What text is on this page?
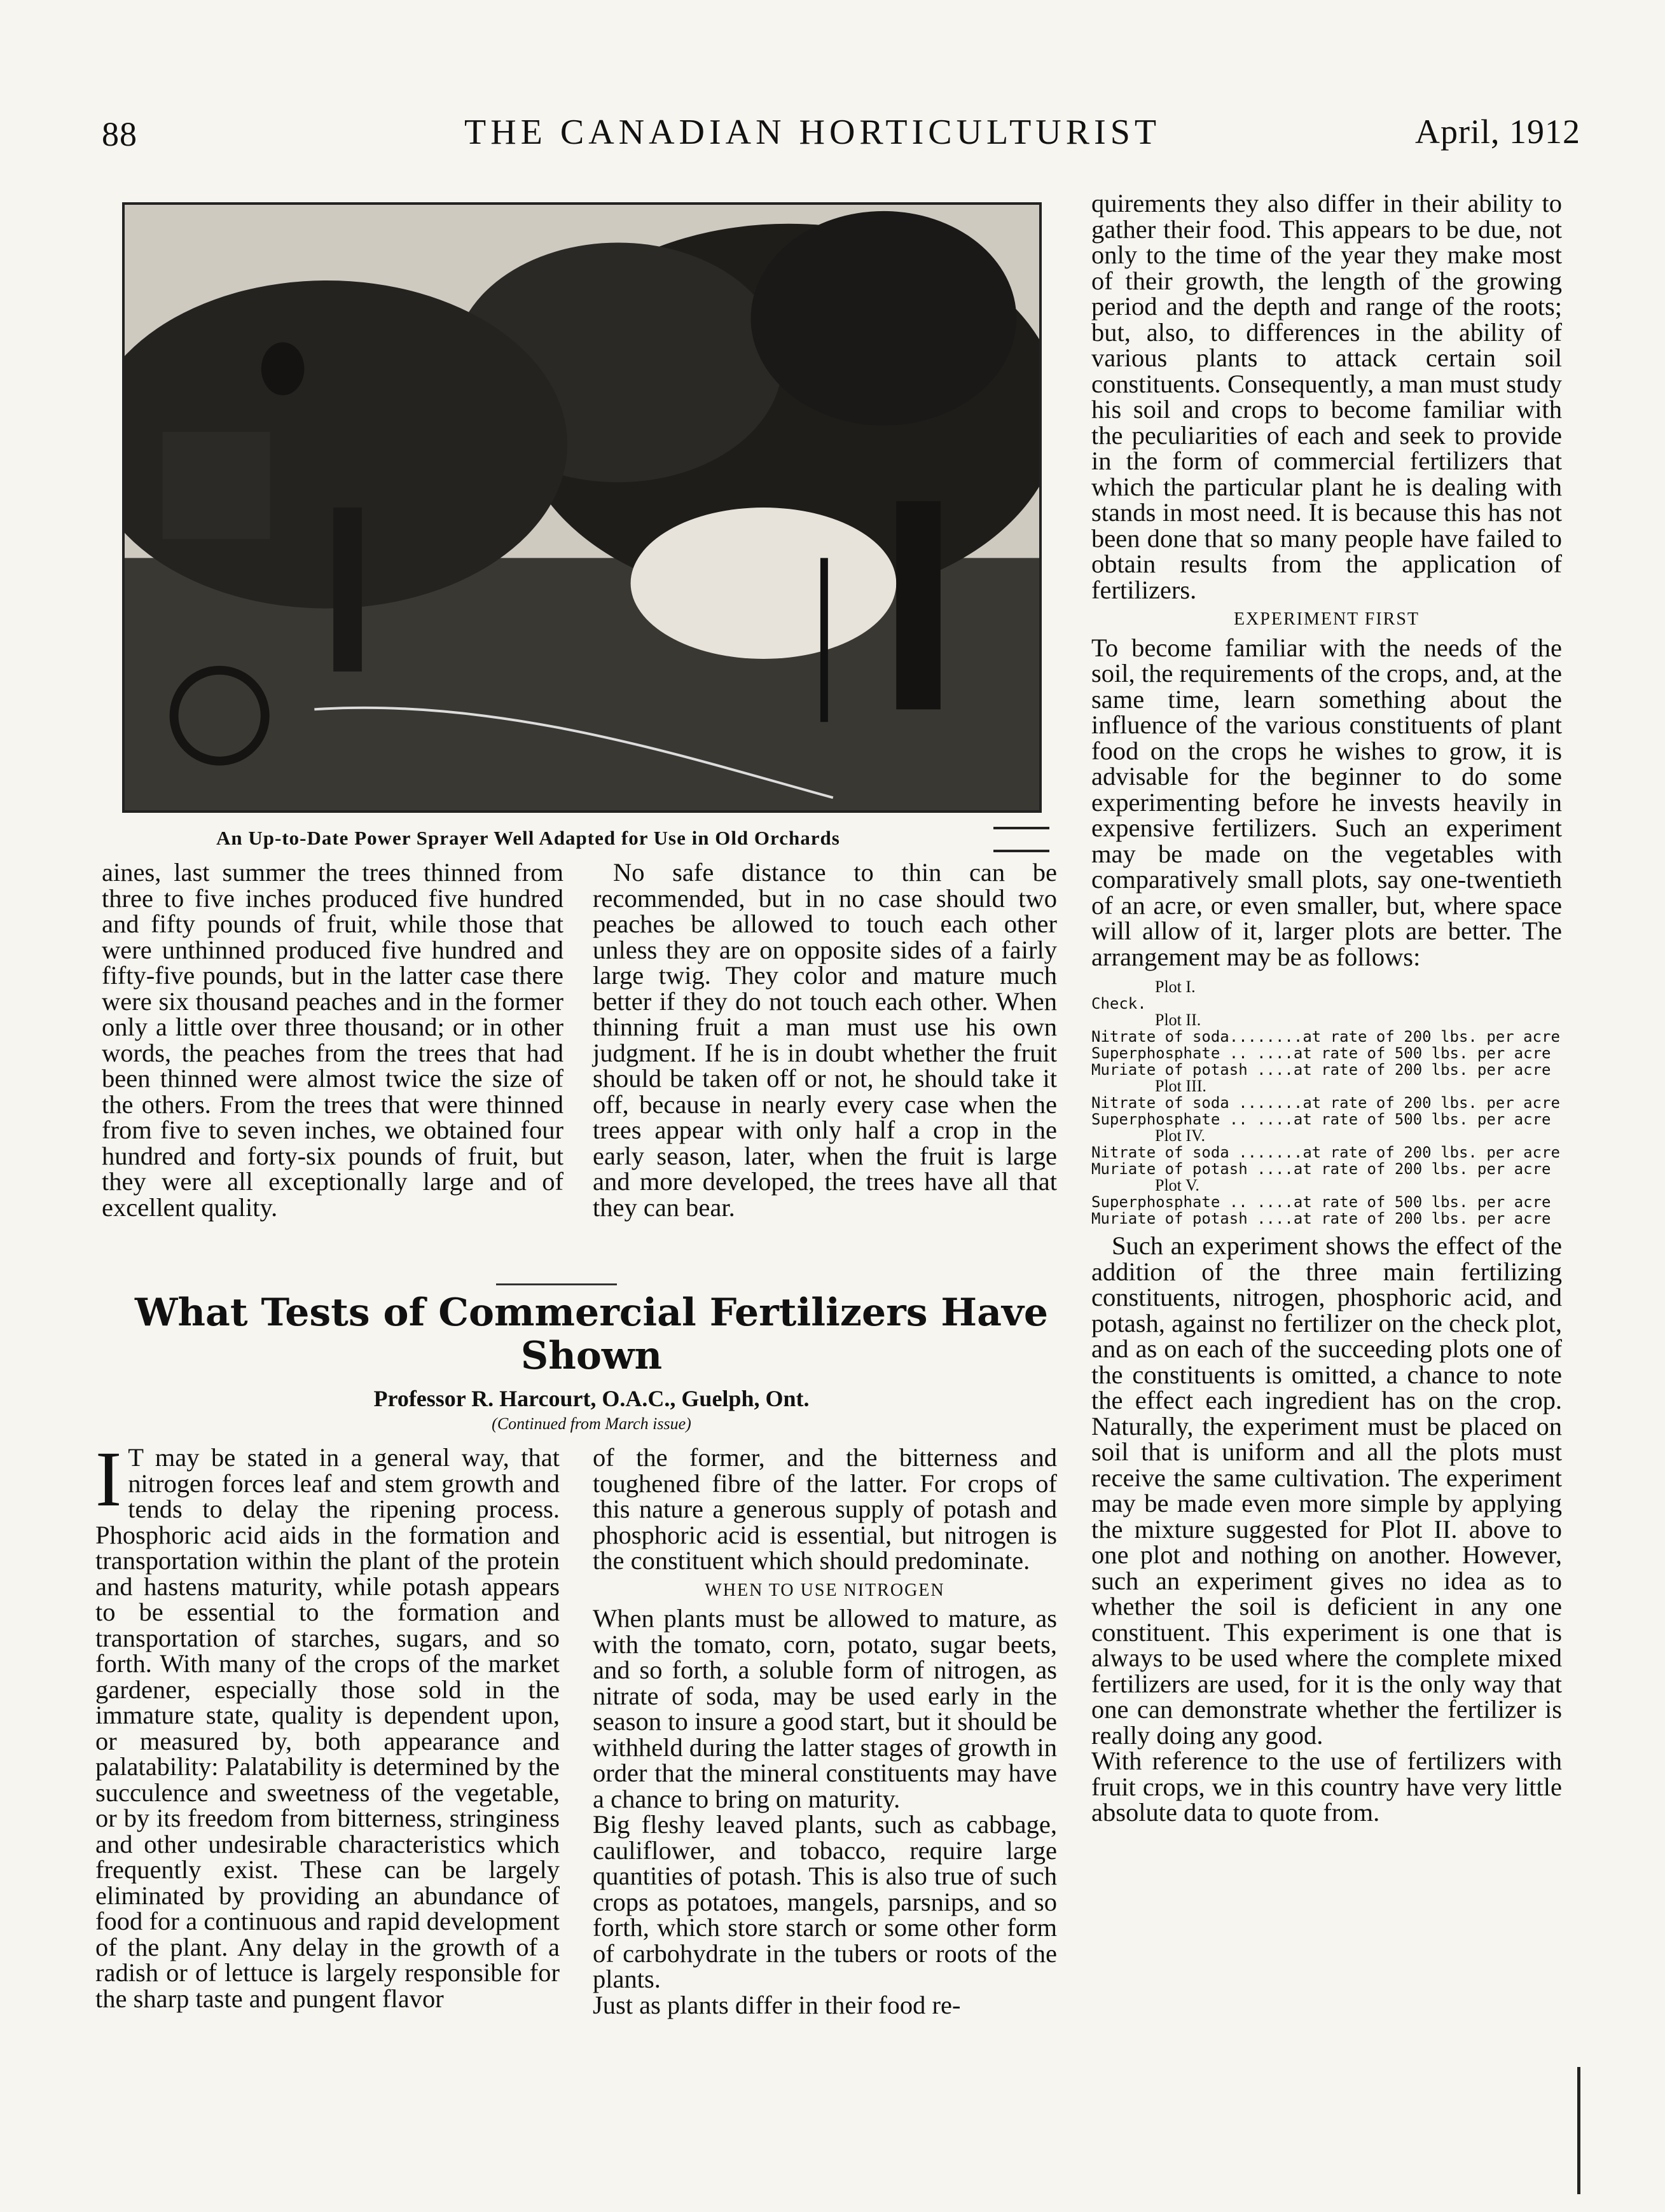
88	THE CANADIAN HORTICULTURIST	April, 1912
An Up-to-Date Power Sprayer Well Adapted for Use in Old Orchards

aines, last summer the trees thinned from three to five inches produced five hundred and fifty pounds of fruit, while those that were unthinned produced five hundred and fifty-five pounds, but in the latter case there were six thousand peaches and in the former only a little over three thousand; or in other words, the peaches from the trees that had been thinned were almost twice the size of the others. From the trees that were thinned from five to seven inches, we obtained four hundred and forty-six pounds of fruit, but they were all exceptionally large and of excellent quality.

No safe distance to thin can be recommended, but in no case should two peaches be allowed to touch each other unless they are on opposite sides of a fairly large twig. They color and mature much better if they do not touch each other. When thinning fruit a man must use his own judgment. If he is in doubt whether the fruit should be taken off or not, he should take it off, because in nearly every case when the trees appear with only half a crop in the early season, later, when the fruit is large and more developed, the trees have all that they can bear.

What Tests of Commercial Fertilizers Have Shown
Professor R. Harcourt, O.A.C., Guelph, Ont.
(Continued from March issue)

I T may be stated in a general way, that nitrogen forces leaf and stem growth and tends to delay the ripening process. Phosphoric acid aids in the formation and transportation within the plant of the protein and hastens maturity, while potash appears to be essential to the formation and transportation of starches, sugars, and so forth. With many of the crops of the market gardener, especially those sold in the immature state, quality is dependent upon, or measured by, both appearance and palatability: Palatability is determined by the succulence and sweetness of the vegetable, or by its freedom from bitterness, stringiness and other undesirable characteristics which frequently exist. These can be largely eliminated by providing an abundance of food for a continuous and rapid development of the plant. Any delay in the growth of a radish or of lettuce is largely responsible for the sharp taste and pungent flavor

of the former, and the bitterness and toughened fibre of the latter. For crops of this nature a generous supply of potash and phosphoric acid is essential, but nitrogen is the constituent which should predominate.

WHEN TO USE NITROGEN

When plants must be allowed to mature, as with the tomato, corn, potato, sugar beets, and so forth, a soluble form of nitrogen, as nitrate of soda, may be used early in the season to insure a good start, but it should be withheld during the latter stages of growth in order that the mineral constituents may have a chance to bring on maturity.

Big fleshy leaved plants, such as cabbage, cauliflower, and tobacco, require large quantities of potash. This is also true of such crops as potatoes, mangels, parsnips, and so forth, which store starch or some other form of carbohydrate in the tubers or roots of the plants.

Just as plants differ in their food re-

quirements they also differ in their ability to gather their food. This appears to be due, not only to the time of the year they make most of their growth, the length of the growing period and the depth and range of the roots; but, also, to differences in the ability of various plants to attack certain soil constituents. Consequently, a man must study his soil and crops to become familiar with the peculiarities of each and seek to provide in the form of commercial fertilizers that which the particular plant he is dealing with stands in most need. It is because this has not been done that so many people have failed to obtain results from the application of fertilizers.

EXPERIMENT FIRST

To become familiar with the needs of the soil, the requirements of the crops, and, at the same time, learn something about the influence of the various constituents of plant food on the crops he wishes to grow, it is advisable for the beginner to do some experimenting before he invests heavily in expensive fertilizers. Such an experiment may be made on the vegetables with comparatively small plots, say one-twentieth of an acre, or even smaller, but, where space will allow of it, larger plots are better. The arrangement may be as follows:

Plot I.
Check.
Plot II.
Nitrate of soda........at rate of 200 lbs. per acre
Superphosphate .. ....at rate of 500 lbs. per acre
Muriate of potash ....at rate of 200 lbs. per acre
Plot III.
Nitrate of soda .......at rate of 200 lbs. per acre
Superphosphate .. ....at rate of 500 lbs. per acre
Plot IV.
Nitrate of soda .......at rate of 200 lbs. per acre
Muriate of potash ....at rate of 200 lbs. per acre
Plot V.
Superphosphate .. ....at rate of 500 lbs. per acre
Muriate of potash ....at rate of 200 lbs. per acre

Such an experiment shows the effect of the addition of the three main fertilizing constituents, nitrogen, phosphoric acid, and potash, against no fertilizer on the check plot, and as on each of the succeeding plots one of the constituents is omitted, a chance to note the effect each ingredient has on the crop. Naturally, the experiment must be placed on soil that is uniform and all the plots must receive the same cultivation. The experiment may be made even more simple by applying the mixture suggested for Plot II. above to one plot and nothing on another. However, such an experiment gives no idea as to whether the soil is deficient in any one constituent. This experiment is one that is always to be used where the complete mixed fertilizers are used, for it is the only way that one can demonstrate whether the fertilizer is really doing any good.

With reference to the use of fertilizers with fruit crops, we in this country have very little absolute data to quote from.
